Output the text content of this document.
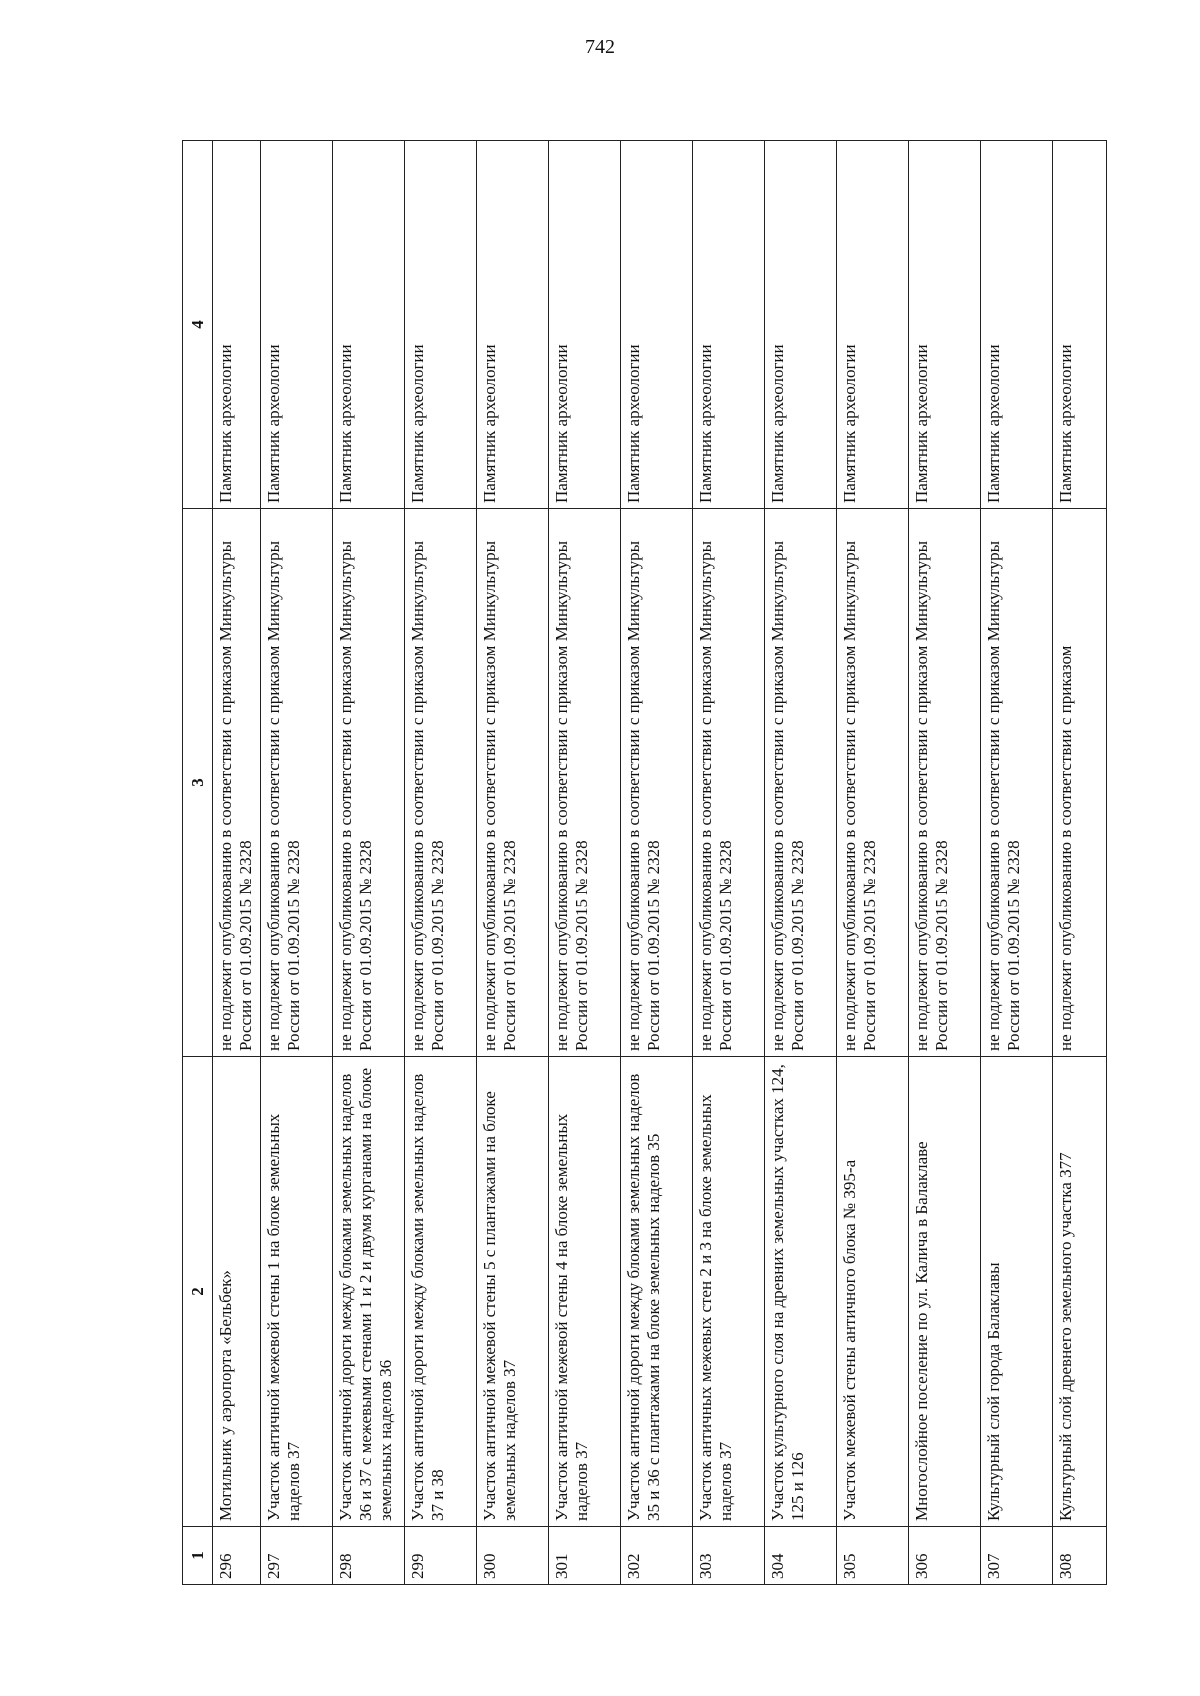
742
1	2	3	4
296	Могильник у аэропорта «Бельбек»	не подлежит опубликованию в соответствии с приказом Минкультуры России от 01.09.2015 № 2328	Памятник археологии
297	Участок античной межевой стены 1 на блоке земельных наделов 37	не подлежит опубликованию в соответствии с приказом Минкультуры России от 01.09.2015 № 2328	Памятник археологии
298	Участок античной дороги между блоками земельных наделов 36 и 37 с межевыми стенами 1 и 2 и двумя курганами на блоке земельных наделов 36	не подлежит опубликованию в соответствии с приказом Минкультуры России от 01.09.2015 № 2328	Памятник археологии
299	Участок античной дороги между блоками земельных наделов 37 и 38	не подлежит опубликованию в соответствии с приказом Минкультуры России от 01.09.2015 № 2328	Памятник археологии
300	Участок античной межевой стены 5 с плантажами на блоке земельных наделов 37	не подлежит опубликованию в соответствии с приказом Минкультуры России от 01.09.2015 № 2328	Памятник археологии
301	Участок античной межевой стены 4 на блоке земельных наделов 37	не подлежит опубликованию в соответствии с приказом Минкультуры России от 01.09.2015 № 2328	Памятник археологии
302	Участок античной дороги между блоками земельных наделов 35 и 36 с плантажами на блоке земельных наделов 35	не подлежит опубликованию в соответствии с приказом Минкультуры России от 01.09.2015 № 2328	Памятник археологии
303	Участок античных межевых стен 2 и 3 на блоке земельных наделов 37	не подлежит опубликованию в соответствии с приказом Минкультуры России от 01.09.2015 № 2328	Памятник археологии
304	Участок культурного слоя на древних земельных участках 124, 125 и 126	не подлежит опубликованию в соответствии с приказом Минкультуры России от 01.09.2015 № 2328	Памятник археологии
305	Участок межевой стены античного блока № 395-а	не подлежит опубликованию в соответствии с приказом Минкультуры России от 01.09.2015 № 2328	Памятник археологии
306	Многослойное поселение по ул. Калича в Балаклаве	не подлежит опубликованию в соответствии с приказом Минкультуры России от 01.09.2015 № 2328	Памятник археологии
307	Культурный слой города Балаклавы	не подлежит опубликованию в соответствии с приказом Минкультуры России от 01.09.2015 № 2328	Памятник археологии
308	Культурный слой древнего земельного участка 377	не подлежит опубликованию в соответствии с приказом	Памятник археологии
